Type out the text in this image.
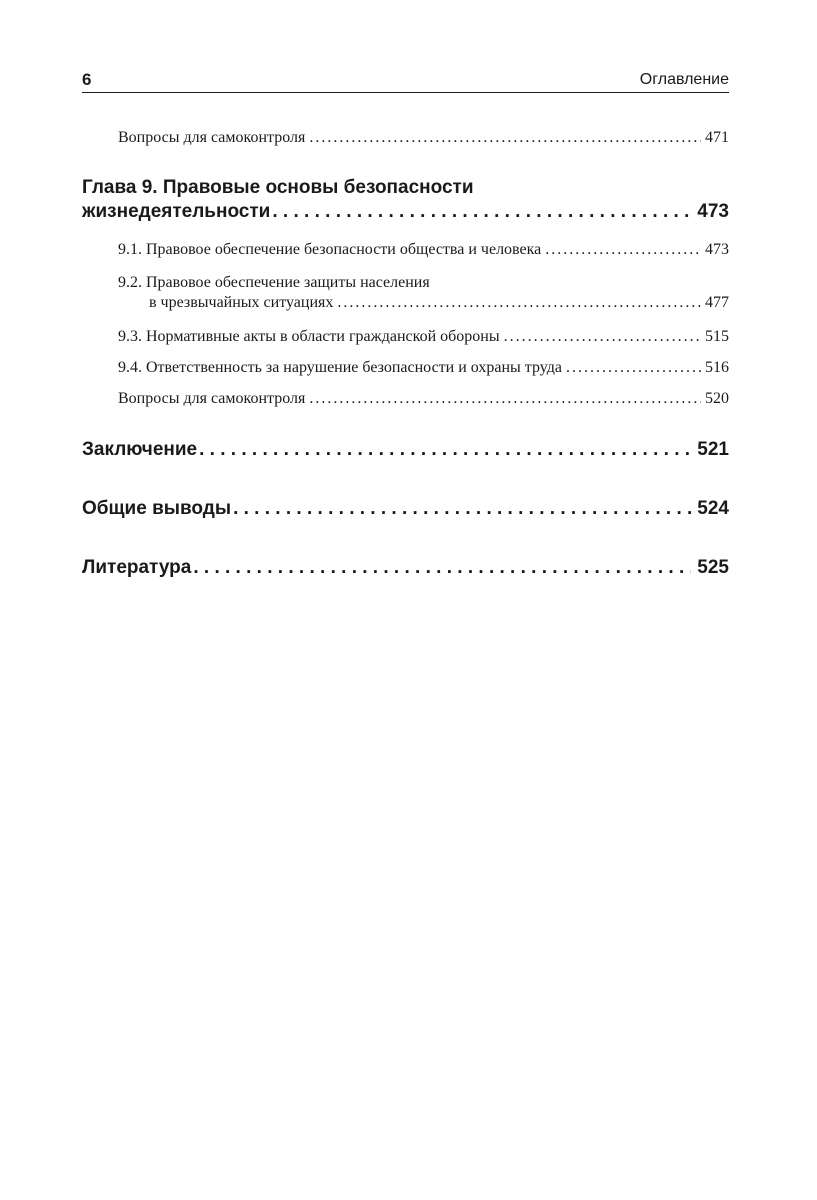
6	Оглавление
Вопросы для самоконтроля . . .	471
Глава 9. Правовые основы безопасности
жизнедеятельности . . .	473
9.1. Правовое обеспечение безопасности общества и человека . . .	473
9.2. Правовое обеспечение защиты населения
в чрезвычайных ситуациях . . .	477
9.3. Нормативные акты в области гражданской обороны . . .	515
9.4. Ответственность за нарушение безопасности и охраны труда . . .	516
Вопросы для самоконтроля . . .	520
Заключение . . .	521
Общие выводы . . .	524
Литература . . .	525
